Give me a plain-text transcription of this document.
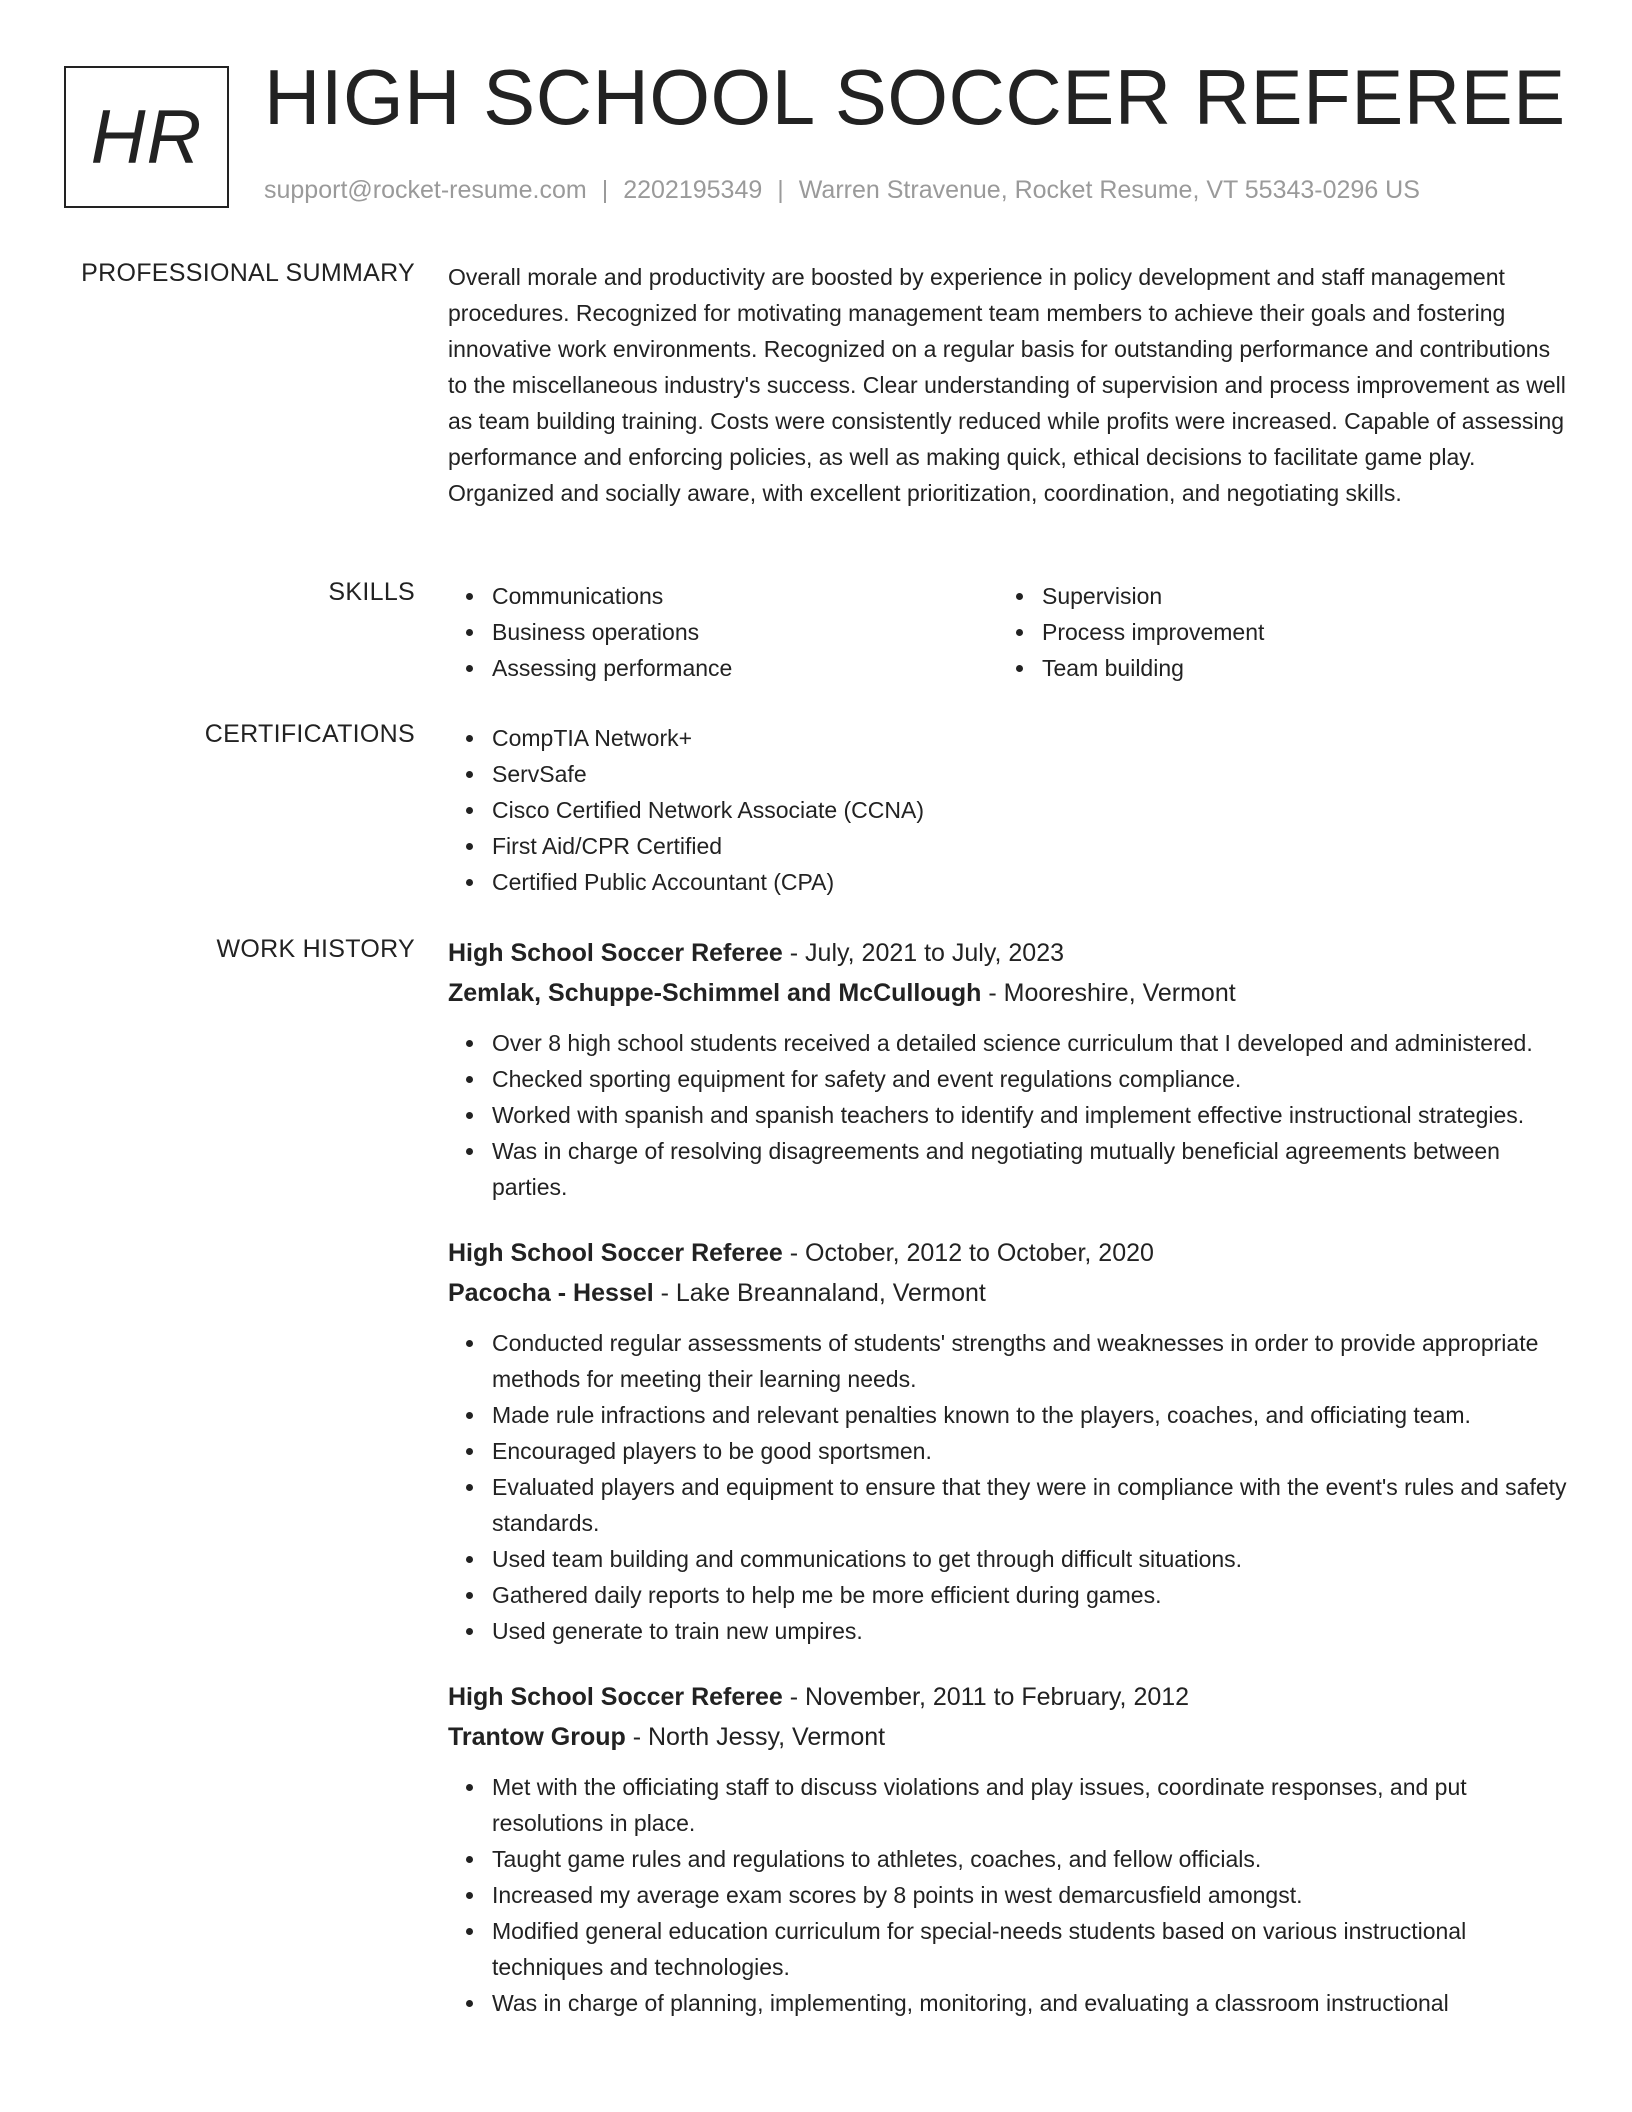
HR HIGH SCHOOL SOCCER REFEREE
support@rocket-resume.com | 2202195349 | Warren Stravenue, Rocket Resume, VT 55343-0296 US
PROFESSIONAL SUMMARY Overall morale and productivity are boosted by experience in policy development and staff management procedures. Recognized for motivating management team members to achieve their goals and fostering innovative work environments. Recognized on a regular basis for outstanding performance and contributions to the miscellaneous industry's success. Clear understanding of supervision and process improvement as well as team building training. Costs were consistently reduced while profits were increased. Capable of assessing performance and enforcing policies, as well as making quick, ethical decisions to facilitate game play. Organized and socially aware, with excellent prioritization, coordination, and negotiating skills.

SKILLS	Communications
Business operations
Assessing performance
Supervision
Process improvement
Team building
CERTIFICATIONS	CompTIA Network+
ServSafe
Cisco Certified Network Associate (CCNA)
First Aid/CPR Certified
Certified Public Accountant (CPA)
WORK HISTORY High School Soccer Referee - July, 2021 to July, 2023
Zemlak, Schuppe-Schimmel and McCullough - Mooreshire, Vermont
Over 8 high school students received a detailed science curriculum that I developed and administered.
Checked sporting equipment for safety and event regulations compliance.
Worked with spanish and spanish teachers to identify and implement effective instructional strategies.
Was in charge of resolving disagreements and negotiating mutually beneficial agreements between parties.
High School Soccer Referee - October, 2012 to October, 2020
Pacocha - Hessel - Lake Breannaland, Vermont
Conducted regular assessments of students' strengths and weaknesses in order to provide appropriate methods for meeting their learning needs.
Made rule infractions and relevant penalties known to the players, coaches, and officiating team.
Encouraged players to be good sportsmen.
Evaluated players and equipment to ensure that they were in compliance with the event's rules and safety standards.
Used team building and communications to get through difficult situations.
Gathered daily reports to help me be more efficient during games.
Used generate to train new umpires.
High School Soccer Referee - November, 2011 to February, 2012
Trantow Group - North Jessy, Vermont
Met with the officiating staff to discuss violations and play issues, coordinate responses, and put resolutions in place.
Taught game rules and regulations to athletes, coaches, and fellow officials.
Increased my average exam scores by 8 points in west demarcusfield amongst.
Modified general education curriculum for special-needs students based on various instructional techniques and technologies.
Was in charge of planning, implementing, monitoring, and evaluating a classroom instructional
